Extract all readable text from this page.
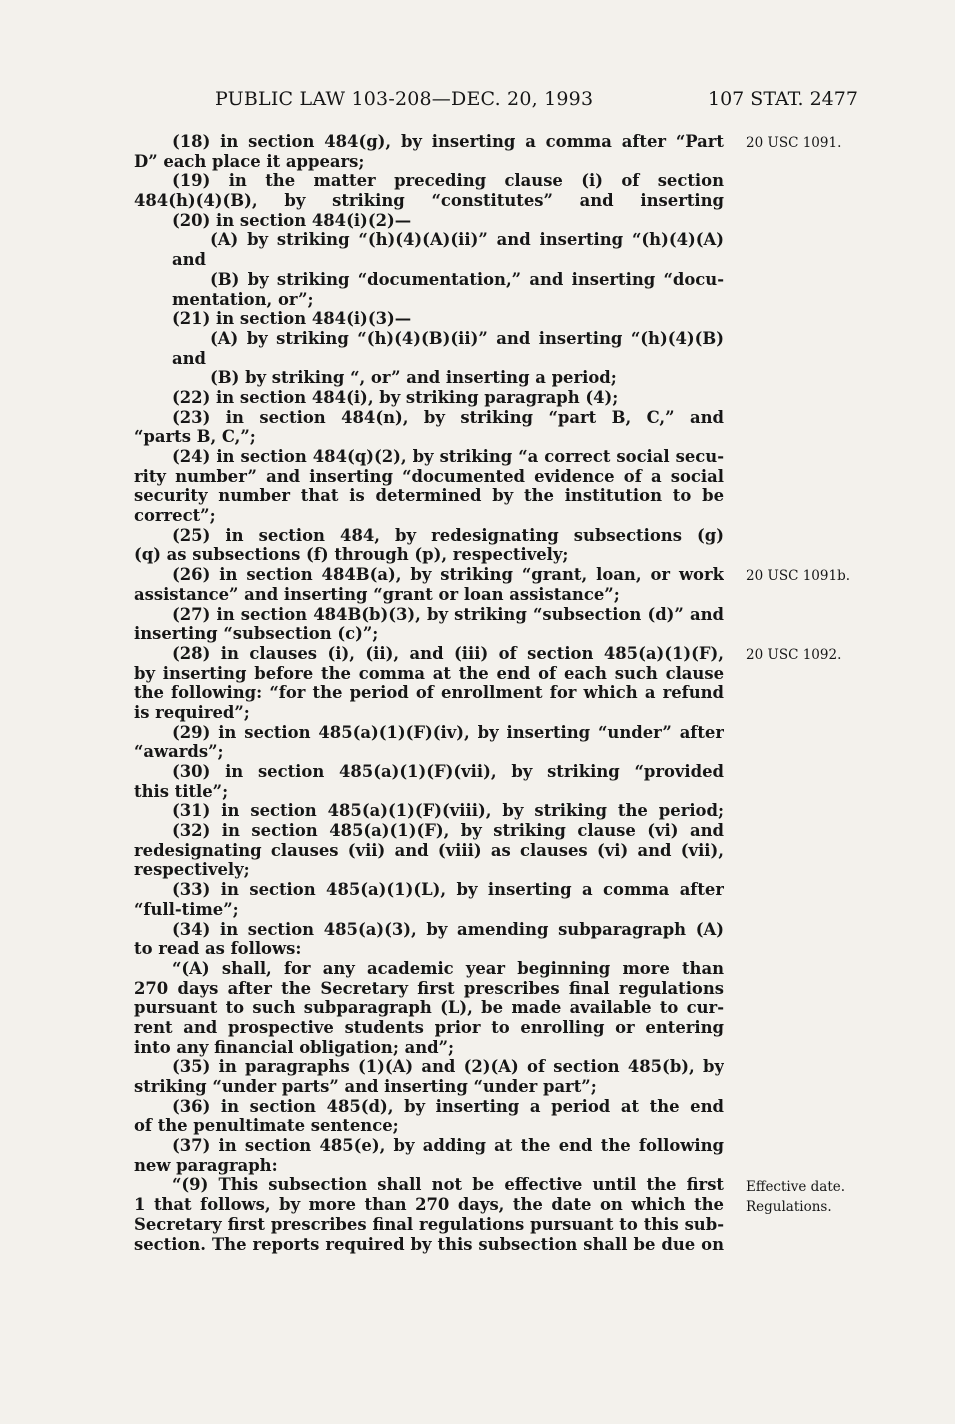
PUBLIC LAW 103-208—DEC. 20, 1993	107 STAT. 2477
(18) in section 484(g), by inserting a comma after “Part
D” each place it appears;
(19) in the matter preceding clause (i) of section
484(h)(4)(B), by striking “constitutes” and inserting
(20) in section 484(i)(2)—
(A) by striking “(h)(4)(A)(ii)” and inserting “(h)(4)(A)
and
(B) by striking “documentation,” and inserting “docu-
mentation, or”;
(21) in section 484(i)(3)—
(A) by striking “(h)(4)(B)(ii)” and inserting “(h)(4)(B)
and
(B) by striking “, or” and inserting a period;
(22) in section 484(i), by striking paragraph (4);
(23) in section 484(n), by striking “part B, C,” and
“parts B, C,”;
(24) in section 484(q)(2), by striking “a correct social secu-
rity number” and inserting “documented evidence of a social
security number that is determined by the institution to be
correct”;
(25) in section 484, by redesignating subsections (g)
(q) as subsections (f) through (p), respectively;
(26) in section 484B(a), by striking “grant, loan, or work
assistance” and inserting “grant or loan assistance”;
(27) in section 484B(b)(3), by striking “subsection (d)” and
inserting “subsection (c)”;
(28) in clauses (i), (ii), and (iii) of section 485(a)(1)(F),
by inserting before the comma at the end of each such clause
the following: “for the period of enrollment for which a refund
is required”;
(29) in section 485(a)(1)(F)(iv), by inserting “under” after
“awards”;
(30) in section 485(a)(1)(F)(vii), by striking “provided
this title”;
(31) in section 485(a)(1)(F)(viii), by striking the period;
(32) in section 485(a)(1)(F), by striking clause (vi) and
redesignating clauses (vii) and (viii) as clauses (vi) and (vii),
respectively;
(33) in section 485(a)(1)(L), by inserting a comma after
“full-time”;
(34) in section 485(a)(3), by amending subparagraph (A)
to read as follows:
“(A) shall, for any academic year beginning more than
270 days after the Secretary first prescribes final regulations
pursuant to such subparagraph (L), be made available to cur-
rent and prospective students prior to enrolling or entering
into any financial obligation; and”;
(35) in paragraphs (1)(A) and (2)(A) of section 485(b), by
striking “under parts” and inserting “under part”;
(36) in section 485(d), by inserting a period at the end
of the penultimate sentence;
(37) in section 485(e), by adding at the end the following
new paragraph:
“(9) This subsection shall not be effective until the first
1 that follows, by more than 270 days, the date on which the
Secretary first prescribes final regulations pursuant to this sub-
section. The reports required by this subsection shall be due on
20 USC 1091.
20 USC 1091b.
20 USC 1092.
Effective date.
Regulations.
